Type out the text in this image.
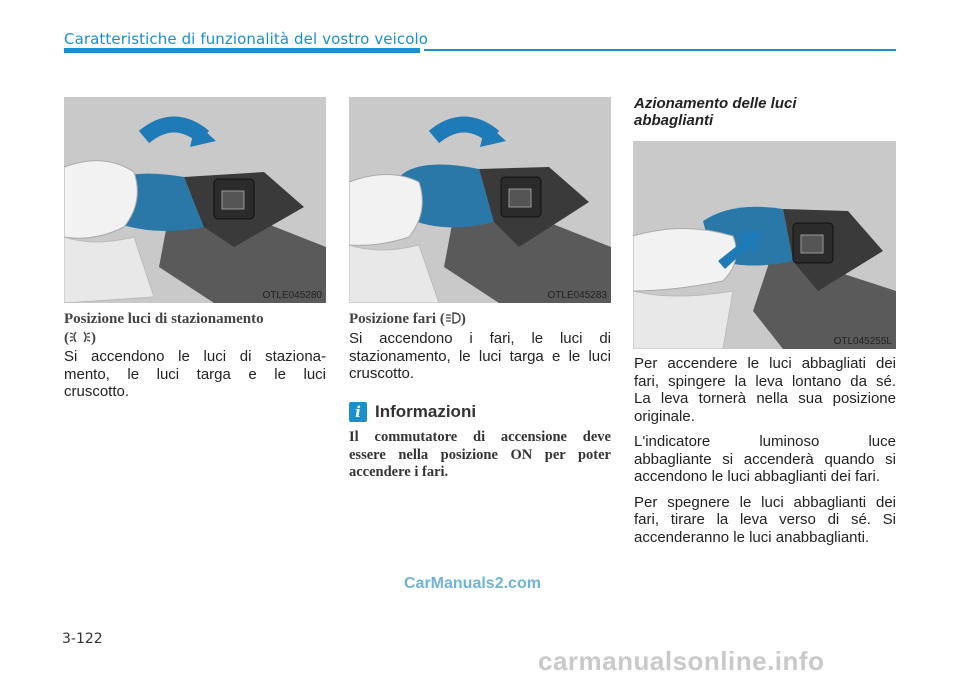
Caratteristiche di funzionalità del vostro veicolo
OTLE045280	OTLE045283
OTL045255L
Posizione luci di stazionamento
( )
Si accendono le luci di staziona-
mento, le luci targa e le luci
cruscotto.
Posizione fari ( )
Si accendono i fari, le luci di
stazionamento, le luci targa e le luci
cruscotto.
i Informazioni
Il commutatore di accensione deve
essere nella posizione ON per poter
accendere i fari.
Azionamento delle luci
abbaglianti

Per accendere le luci abbagliati dei
fari, spingere la leva lontano da sé.
La leva tornerà nella sua posizione
originale.

L'indicatore luminoso luce
abbagliante si accenderà quando si
accendono le luci abbaglianti dei fari.

Per spegnere le luci abbaglianti dei
fari, tirare la leva verso di sé. Si
accenderanno le luci anabbaglianti.

CarManuals2.com
3-122
carmanualsonline.info
